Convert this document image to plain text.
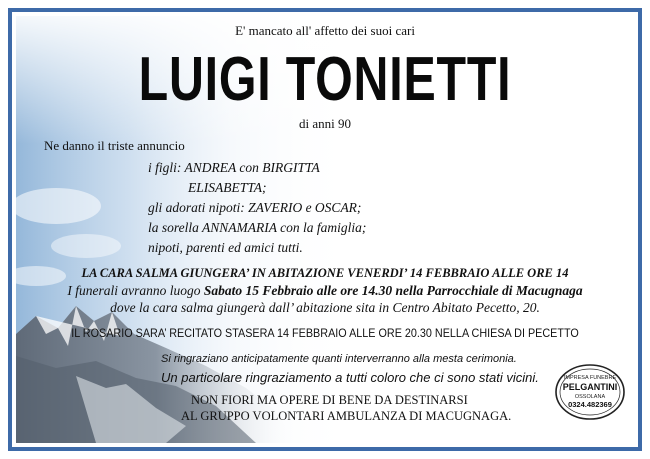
E' mancato all' affetto dei suoi cari
LUIGI TONIETTI
di anni 90
Ne danno il triste annuncio
i figli: ANDREA con BIRGITTA
ELISABETTA;
gli adorati nipoti: ZAVERIO e OSCAR;
la sorella ANNAMARIA con la famiglia;
nipoti, parenti ed amici tutti.
LA CARA SALMA GIUNGERA’ IN ABITAZIONE VENERDI’ 14 FEBBRAIO ALLE ORE 14
I funerali avranno luogo Sabato 15 Febbraio alle ore 14.30 nella Parrocchiale di Macugnaga
dove la cara salma giungerà dall’ abitazione sita in Centro Abitato Pecetto, 20.
IL ROSARIO SARA’ RECITATO STASERA 14 FEBBRAIO ALLE ORE 20.30 NELLA CHIESA DI PECETTO
Si ringraziano anticipatamente quanti interverranno alla mesta cerimonia.
Un particolare ringraziamento a tutti coloro che ci sono stati vicini.
NON FIORI MA OPERE DI BENE DA DESTINARSI
AL GRUPPO VOLONTARI AMBULANZA DI MACUGNAGA.
IMPRESA FUNEBRE
PELGANTINI
OSSOLANA
0324.482369
